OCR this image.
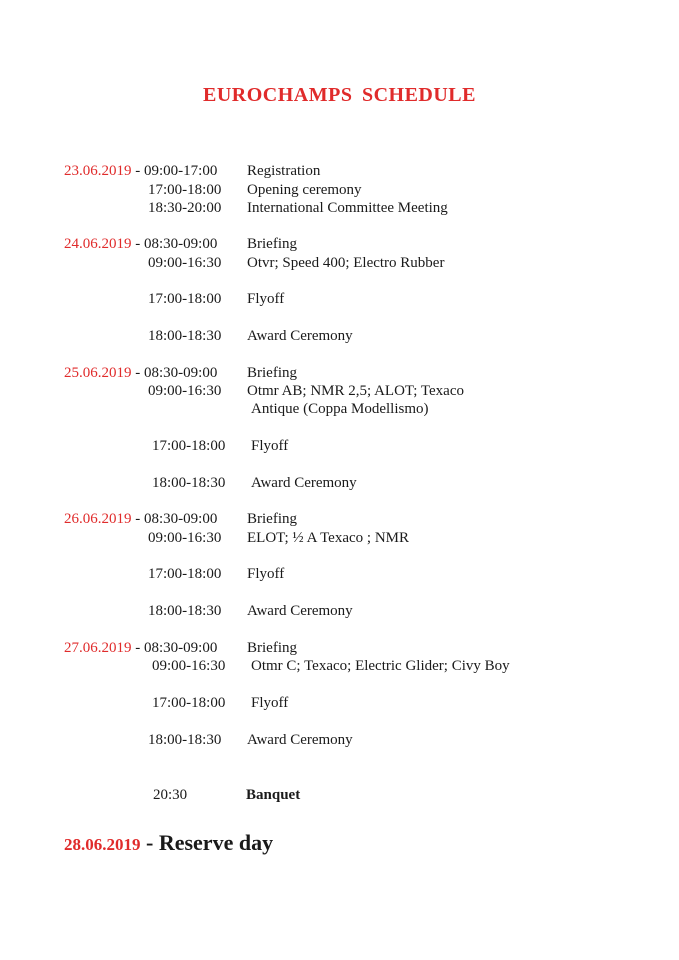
EUROCHAMPS SCHEDULE
23.06.2019 - 09:00-17:00 Registration
17:00-18:00 Opening ceremony
18:30-20:00 International Committee Meeting
24.06.2019 - 08:30-09:00 Briefing
09:00-16:30 Otvr; Speed 400; Electro Rubber
17:00-18:00 Flyoff
18:00-18:30 Award Ceremony
25.06.2019 - 08:30-09:00 Briefing
09:00-16:30 Otmr AB; NMR 2,5; ALOT; Texaco
Antique (Coppa Modellismo)
17:00-18:00 Flyoff
18:00-18:30 Award Ceremony
26.06.2019 - 08:30-09:00 Briefing
09:00-16:30 ELOT; ½ A Texaco ; NMR
17:00-18:00 Flyoff
18:00-18:30 Award Ceremony
27.06.2019 - 08:30-09:00 Briefing
09:00-16:30 Otmr C; Texaco; Electric Glider; Civy Boy
17:00-18:00 Flyoff
18:00-18:30 Award Ceremony
20:30	Banquet
28.06.2019 - Reserve day
